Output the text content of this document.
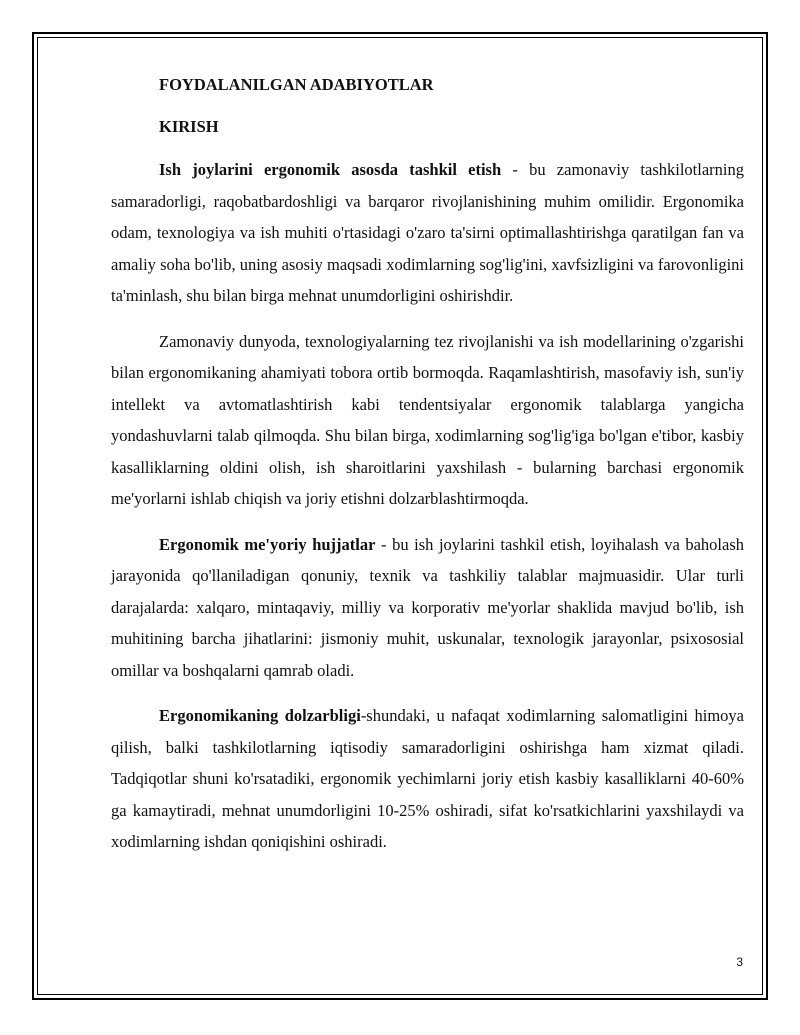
FOYDALANILGAN ADABIYOTLAR
KIRISH

Ish joylarini ergonomik asosda tashkil etish - bu zamonaviy tashkilotlarning samaradorligi, raqobatbardoshligi va barqaror rivojlanishining muhim omilidir. Ergonomika odam, texnologiya va ish muhiti o'rtasidagi o'zaro ta'sirni optimallashtirishga qaratilgan fan va amaliy soha bo'lib, uning asosiy maqsadi xodimlarning sog'lig'ini, xavfsizligini va farovonligini ta'minlash, shu bilan birga mehnat unumdorligini oshirishdir.

Zamonaviy dunyoda, texnologiyalarning tez rivojlanishi va ish modellarining o'zgarishi bilan ergonomikaning ahamiyati tobora ortib bormoqda. Raqamlashtirish, masofaviy ish, sun'iy intellekt va avtomatlashtirish kabi tendentsiyalar ergonomik talablarga yangicha yondashuvlarni talab qilmoqda. Shu bilan birga, xodimlarning sog'lig'iga bo'lgan e'tibor, kasbiy kasalliklarning oldini olish, ish sharoitlarini yaxshilash - bularning barchasi ergonomik me'yorlarni ishlab chiqish va joriy etishni dolzarblashtirmoqda.

Ergonomik me'yoriy hujjatlar - bu ish joylarini tashkil etish, loyihalash va baholash jarayonida qo'llaniladigan qonuniy, texnik va tashkiliy talablar majmuasidir. Ular turli darajalarda: xalqaro, mintaqaviy, milliy va korporativ me'yorlar shaklida mavjud bo'lib, ish muhitining barcha jihatlarini: jismoniy muhit, uskunalar, texnologik jarayonlar, psixososial omillar va boshqalarni qamrab oladi.

Ergonomikaning dolzarbligi-shundaki, u nafaqat xodimlarning salomatligini himoya qilish, balki tashkilotlarning iqtisodiy samaradorligini oshirishga ham xizmat qiladi. Tadqiqotlar shuni ko'rsatadiki, ergonomik yechimlarni joriy etish kasbiy kasalliklarni 40-60% ga kamaytiradi, mehnat unumdorligini 10-25% oshiradi, sifat ko'rsatkichlarini yaxshilaydi va xodimlarning ishdan qoniqishini oshiradi.

3
